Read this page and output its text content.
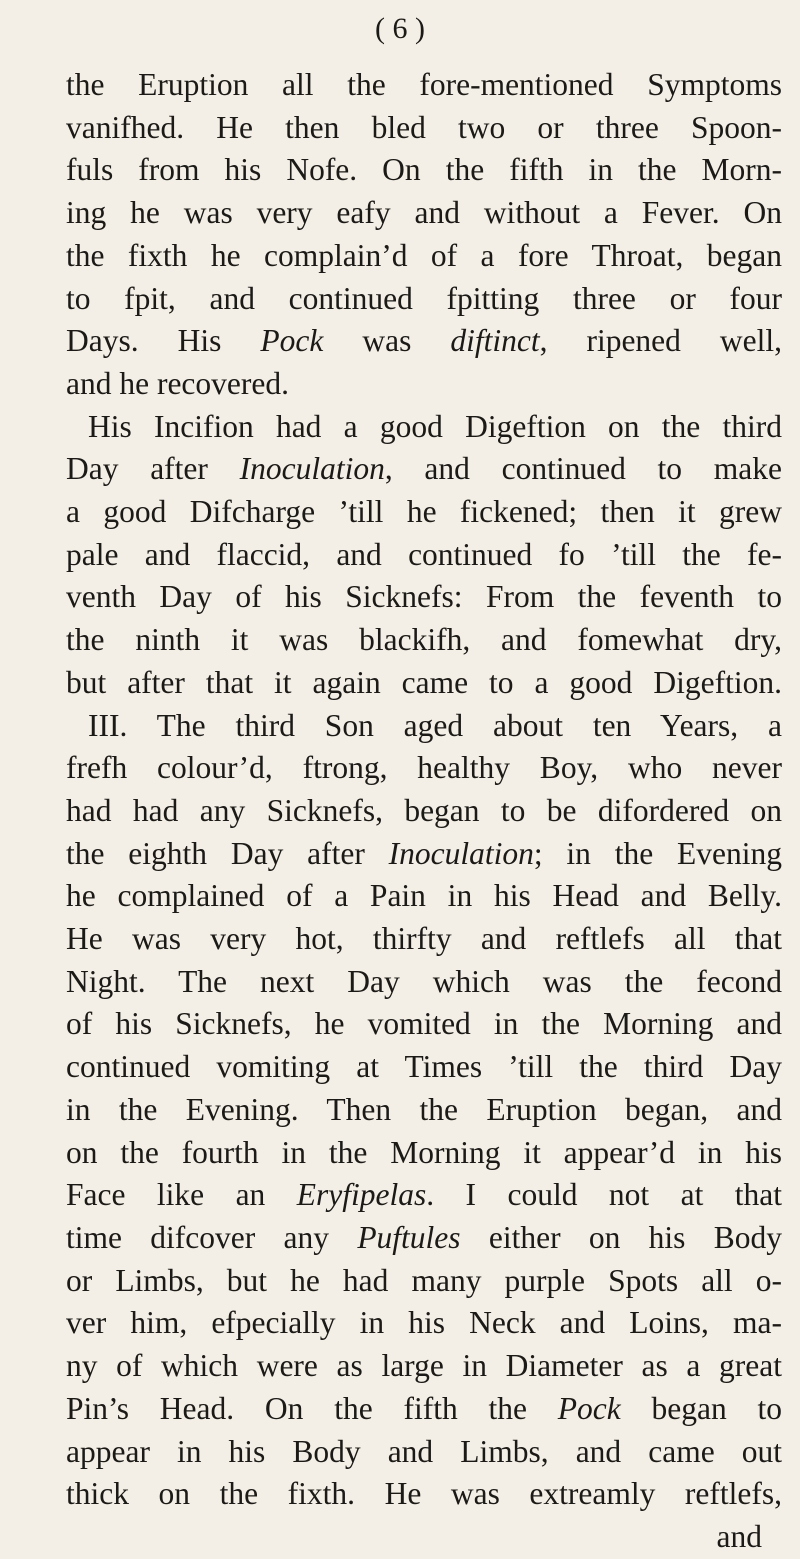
( 6 )
the Eruption all the fore-mentioned Symptoms
vanifhed. He then bled two or three Spoon-
fuls from his Nofe. On the fifth in the Morn-
ing he was very eafy and without a Fever. On
the fixth he complain’d of a fore Throat, began
to fpit, and continued fpitting three or four
Days. His Pock was diftinct, ripened well,
and he recovered.
His Incifion had a good Digeftion on the third
Day after Inoculation, and continued to make
a good Difcharge ’till he fickened; then it grew
pale and flaccid, and continued fo ’till the fe-
venth Day of his Sicknefs: From the feventh to
the ninth it was blackifh, and fomewhat dry,
but after that it again came to a good Digeftion.
III. The third Son aged about ten Years, a
frefh colour’d, ftrong, healthy Boy, who never
had had any Sicknefs, began to be difordered on
the eighth Day after Inoculation; in the Evening
he complained of a Pain in his Head and Belly.
He was very hot, thirfty and reftlefs all that
Night. The next Day which was the fecond
of his Sicknefs, he vomited in the Morning and
continued vomiting at Times ’till the third Day
in the Evening. Then the Eruption began, and
on the fourth in the Morning it appear’d in his
Face like an Eryfipelas. I could not at that
time difcover any Puftules either on his Body
or Limbs, but he had many purple Spots all o-
ver him, efpecially in his Neck and Loins, ma-
ny of which were as large in Diameter as a great
Pin’s Head. On the fifth the Pock began to
appear in his Body and Limbs, and came out
thick on the fixth. He was extreamly reftlefs,
and
